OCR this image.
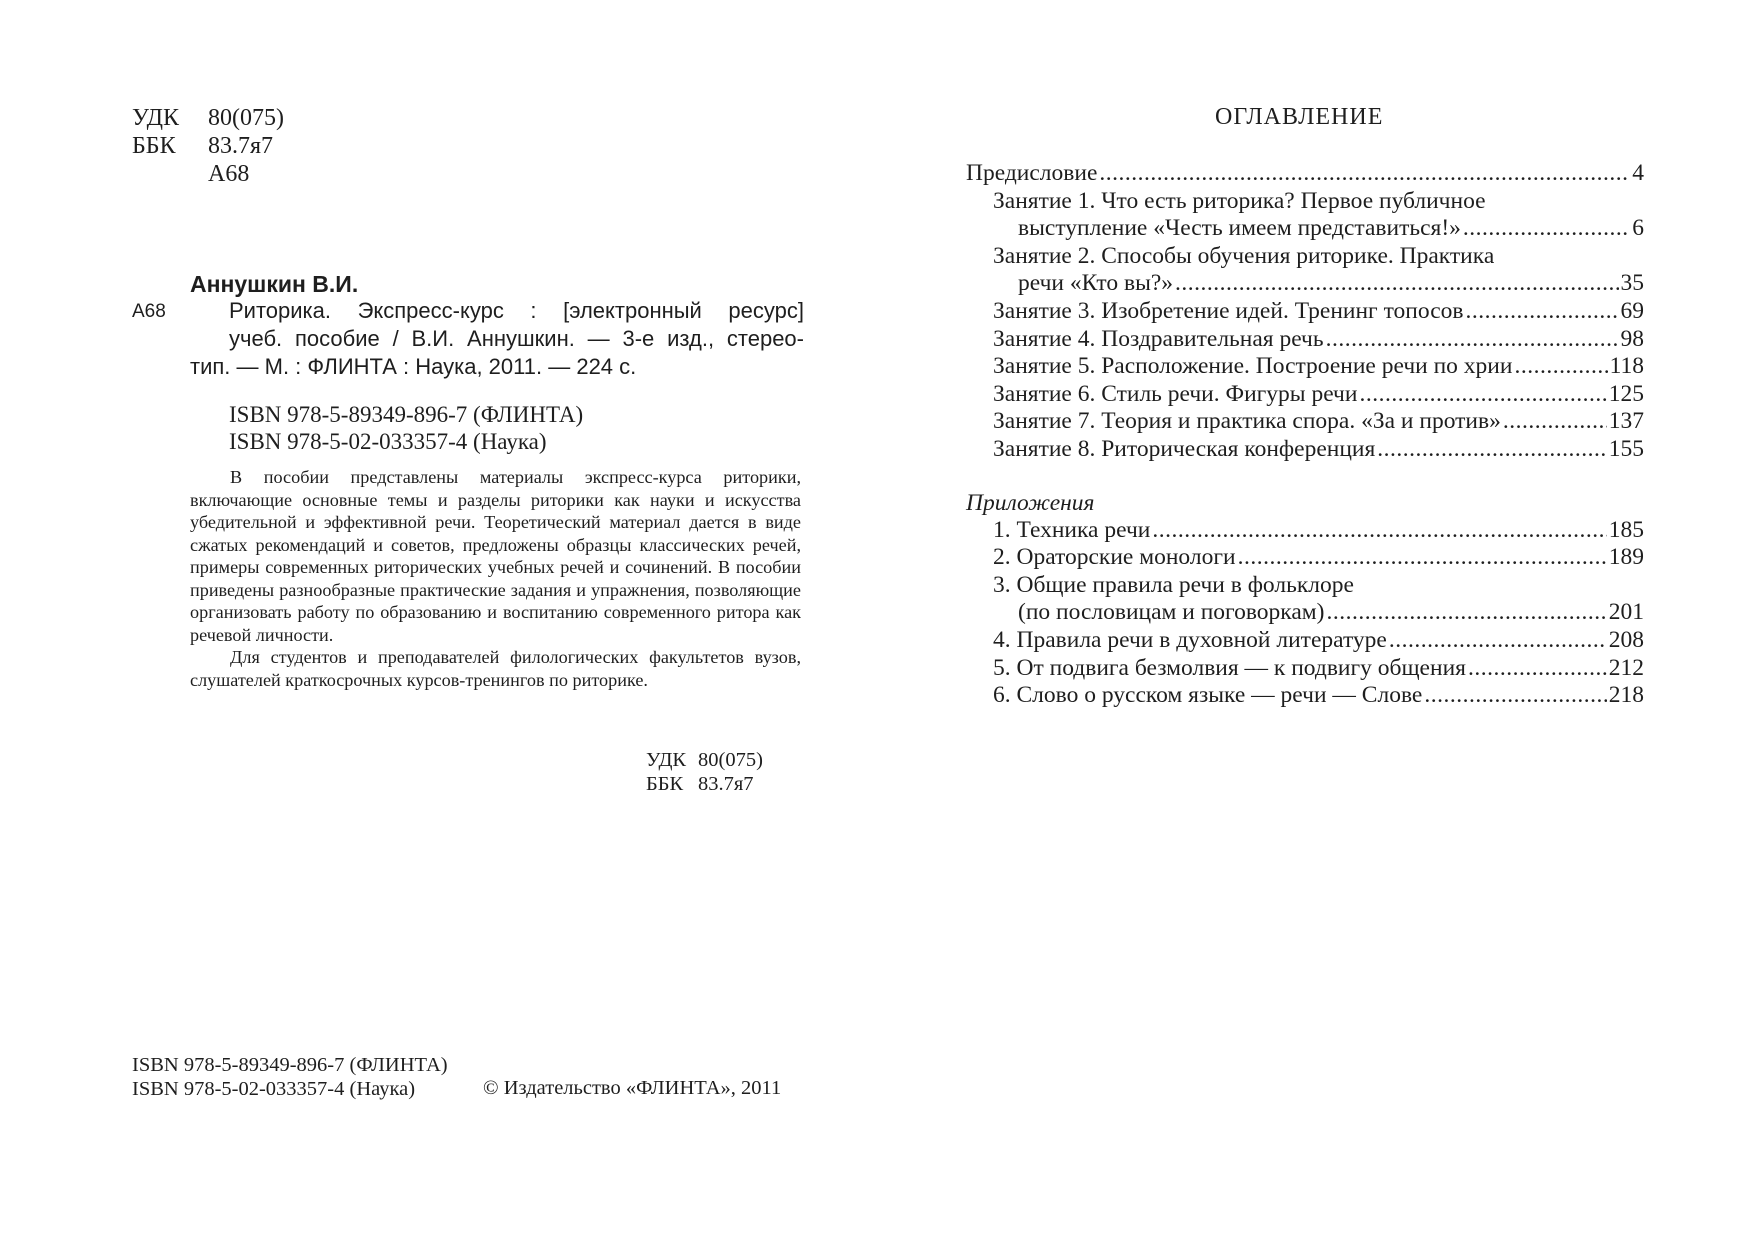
УДК 80(075)
ББК 83.7я7
А68
Аннушкин В.И.
А68	Риторика. Экспресс-курс : [электронный ресурс]
учеб. пособие / В.И. Аннушкин. — 3-е изд., стерео-
тип. — М. : ФЛИНТА : Наука, 2011. — 224 с.
ISBN 978-5-89349-896-7 (ФЛИНТА)
ISBN 978-5-02-033357-4 (Наука)

В пособии представлены материалы экспресс-курса риторики, включающие основные темы и разделы риторики как науки и искусства убедительной и эффективной речи. Теоретический материал дается в виде сжатых рекомендаций и советов, предложены образцы классических речей, примеры современных риторических учебных речей и сочинений. В пособии приведены разнообразные практические задания и упражнения, позволяющие организовать работу по образованию и воспитанию современного ритора как речевой личности.

Для студентов и преподавателей филологических факультетов вузов, слушателей краткосрочных курсов-тренингов по риторике.

УДК 80(075)
ББК 83.7я7
ISBN 978-5-89349-896-7 (ФЛИНТА)
ISBN 978-5-02-033357-4 (Наука)	© Издательство «ФЛИНТА», 2011
ОГЛАВЛЕНИЕ
Предисловие .....	4
Занятие 1. Что есть риторика? Первое публичное
выступление «Честь имеем представиться!» .....	6
Занятие 2. Способы обучения риторике. Практика
речи «Кто вы?» .....	35
Занятие 3. Изобретение идей. Тренинг топосов .....	69
Занятие 4. Поздравительная речь .....	98
Занятие 5. Расположение. Построение речи по хрии .....	118
Занятие 6. Стиль речи. Фигуры речи .....	125
Занятие 7. Теория и практика спора. «За и против» .....	137
Занятие 8. Риторическая конференция .....	155
Приложения
1. Техника речи .....	185
2. Ораторские монологи .....	189
3. Общие правила речи в фольклоре
(по пословицам и поговоркам) .....	201
4. Правила речи в духовной литературе .....	208
5. От подвига безмолвия — к подвигу общения .....	212
6. Слово о русском языке — речи — Слове .....	218
